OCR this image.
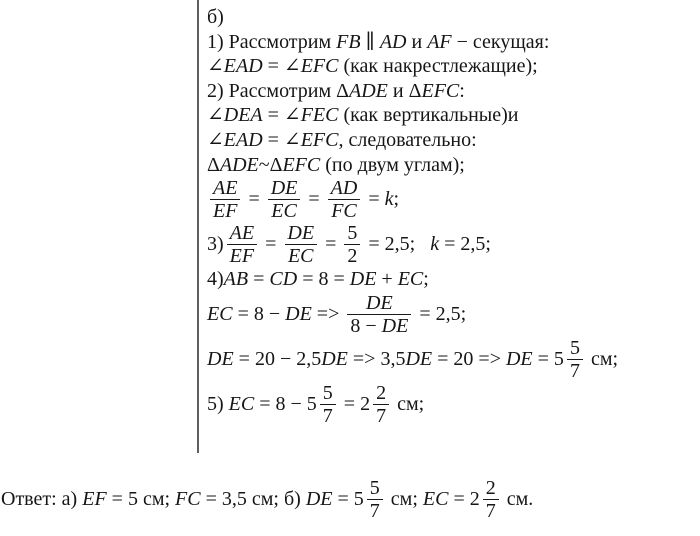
б)
1) Рассмотрим FB ∥ AD и AF − секущая:
∠ EAD = ∠ EFC (как накрестлежащие);
2) Рассмотрим Δ ADE и Δ EFC :
∠ DEA = ∠ FEC (как вертикальные)и
∠ EAD = ∠ EFC , следовательно:
Δ ADE ~Δ EFC (по двум углам);
$\frac{AE}{EF} = \frac{DE}{EC} = \frac{AD}{FC} = k$ ;
$3) \frac{AE}{EF} = \frac{DE}{EC} = \frac{5}{2} = 2,5$; k = 2,5;
4) AB = CD = 8 = DE + EC ;
EC = 8 − DE => $\frac{DE}{8 - DE} = 2,5$;
DE = 20 − 2,5 DE => 3,5 DE = 20 => DE = $5 \frac{5}{7}$ см;
5) EC = $8 - 5 \frac{5}{7} = 2 \frac{2}{7}$ см;
Ответ: а) EF = 5 см; FC = 3,5 см; б) DE = $5 \frac{5}{7}$ см; EC = $2 \frac{2}{7}$ см.
